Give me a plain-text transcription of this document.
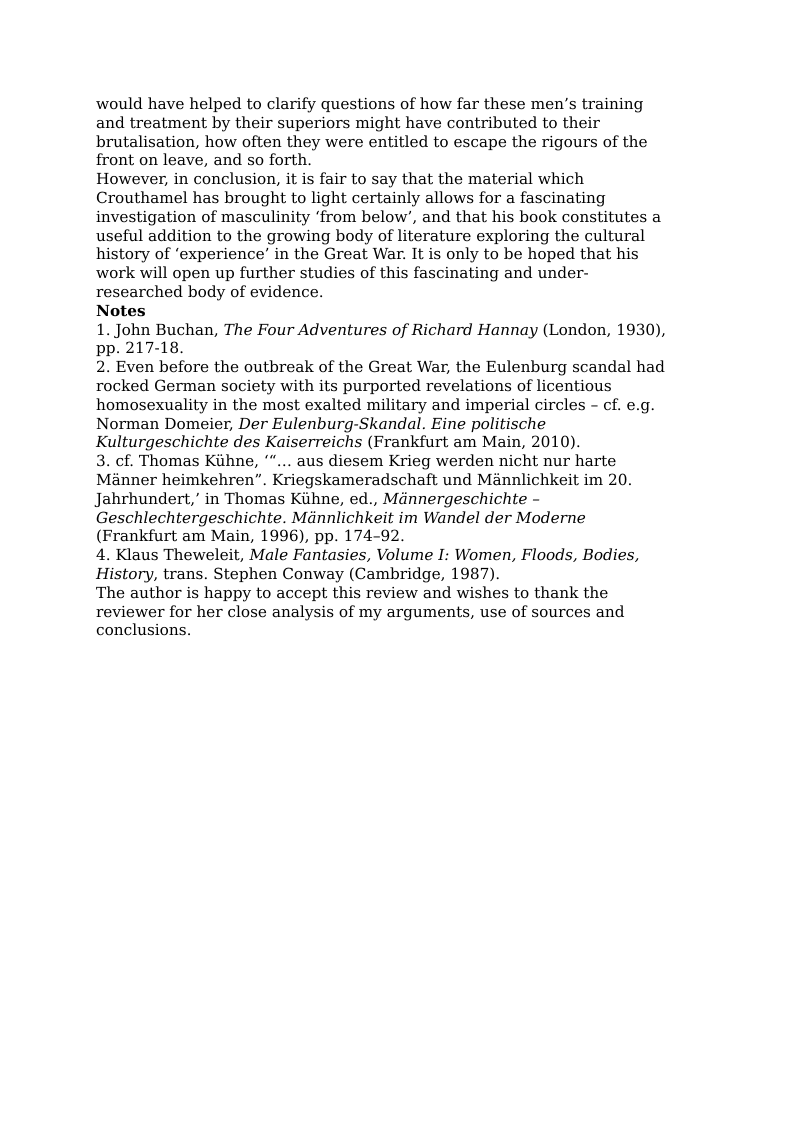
would have helped to clarify questions of how far these men’s training
and treatment by their superiors might have contributed to their
brutalisation, how often they were entitled to escape the rigours of the
front on leave, and so forth.
However, in conclusion, it is fair to say that the material which
Crouthamel has brought to light certainly allows for a fascinating
investigation of masculinity ‘from below’, and that his book constitutes a
useful addition to the growing body of literature exploring the cultural
history of ‘experience’ in the Great War. It is only to be hoped that his
work will open up further studies of this fascinating and under-
researched body of evidence.
Notes
1. John Buchan, The Four Adventures of Richard Hannay (London, 1930),
pp. 217-18.
2. Even before the outbreak of the Great War, the Eulenburg scandal had
rocked German society with its purported revelations of licentious
homosexuality in the most exalted military and imperial circles – cf. e.g.
Norman Domeier, Der Eulenburg-Skandal. Eine politische
Kulturgeschichte des Kaiserreichs (Frankfurt am Main, 2010).
3. cf. Thomas Kühne, ‘“… aus diesem Krieg werden nicht nur harte
Männer heimkehren”. Kriegskameradschaft und Männlichkeit im 20.
Jahrhundert,’ in Thomas Kühne, ed., Männergeschichte –
Geschlechtergeschichte. Männlichkeit im Wandel der Moderne
(Frankfurt am Main, 1996), pp. 174–92.
4. Klaus Theweleit, Male Fantasies, Volume I: Women, Floods, Bodies,
History, trans. Stephen Conway (Cambridge, 1987).
The author is happy to accept this review and wishes to thank the
reviewer for her close analysis of my arguments, use of sources and
conclusions.
